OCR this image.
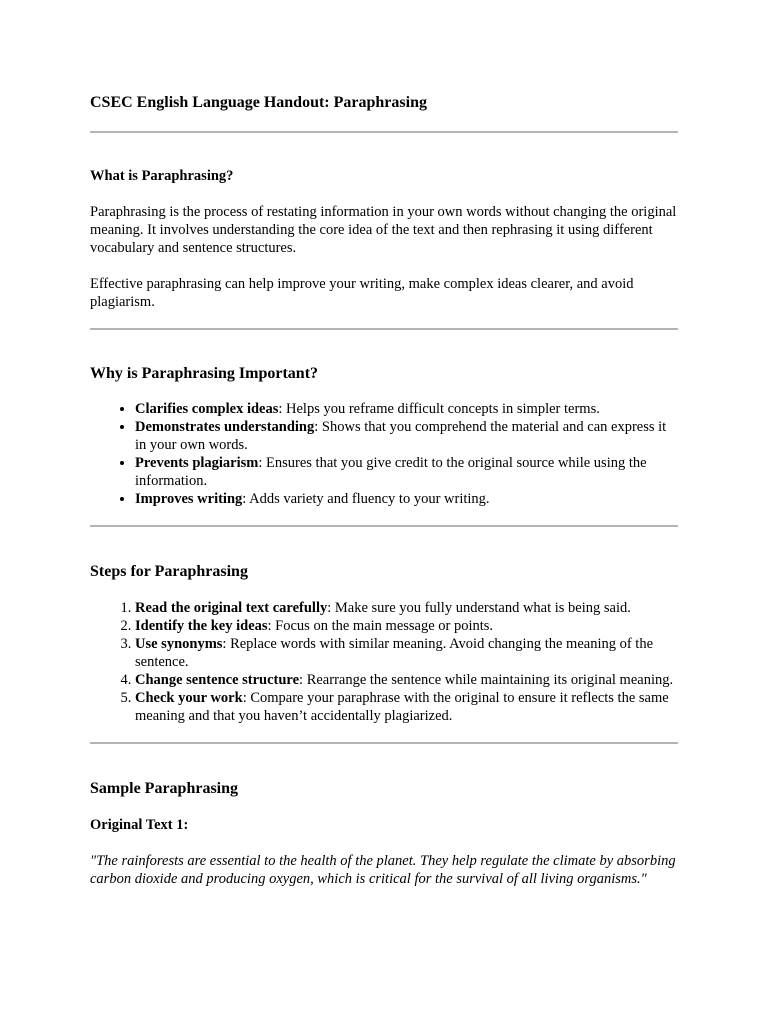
CSEC English Language Handout: Paraphrasing
What is Paraphrasing?

Paraphrasing is the process of restating information in your own words without changing the original meaning. It involves understanding the core idea of the text and then rephrasing it using different vocabulary and sentence structures.

Effective paraphrasing can help improve your writing, make complex ideas clearer, and avoid plagiarism.

Why is Paraphrasing Important?
• Clarifies complex ideas: Helps you reframe difficult concepts in simpler terms.
• Demonstrates understanding: Shows that you comprehend the material and can express it in your own words.
• Prevents plagiarism: Ensures that you give credit to the original source while using the information.
• Improves writing: Adds variety and fluency to your writing.
Steps for Paraphrasing
1. Read the original text carefully: Make sure you fully understand what is being said.
2. Identify the key ideas: Focus on the main message or points.
3. Use synonyms: Replace words with similar meaning. Avoid changing the meaning of the sentence.
4. Change sentence structure: Rearrange the sentence while maintaining its original meaning.
5. Check your work: Compare your paraphrase with the original to ensure it reflects the same meaning and that you haven’t accidentally plagiarized.
Sample Paraphrasing
Original Text 1:

"The rainforests are essential to the health of the planet. They help regulate the climate by absorbing carbon dioxide and producing oxygen, which is critical for the survival of all living organisms."
